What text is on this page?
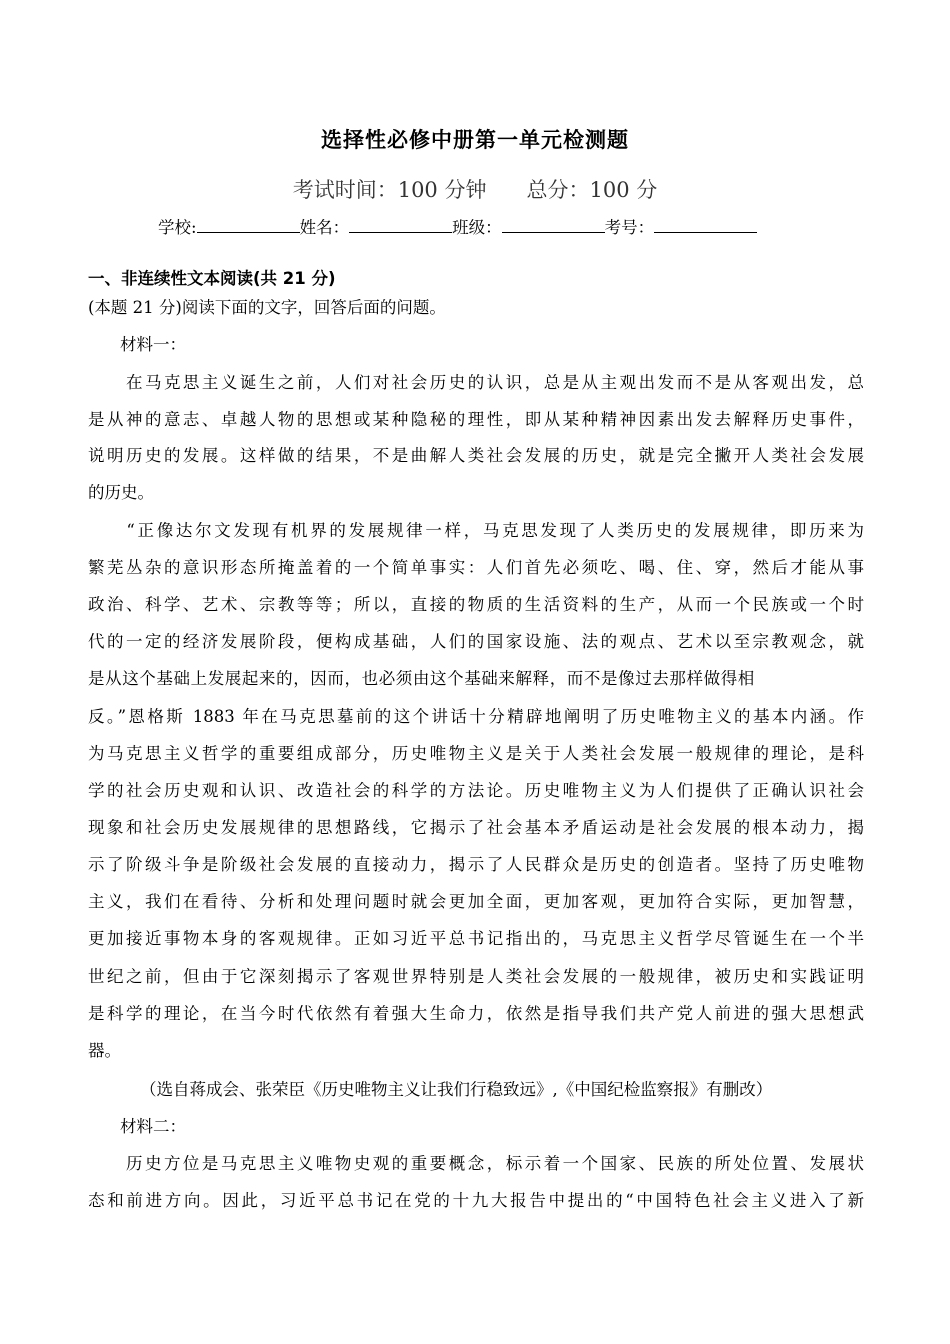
选择性必修中册第一单元检测题
考试时间：100 分钟      总分：100 分
学校:	姓名：	班级：	考号：
一、非连续性文本阅读(共 21 分)
(本题 21 分)阅读下面的文字，回答后面的问题。
材料一：
　　在马克思主义诞生之前，人们对社会历史的认识，总是从主观出发而不是从客观出发，总
是从神的意志、卓越人物的思想或某种隐秘的理性，即从某种精神因素出发去解释历史事件，
说明历史的发展。这样做的结果，不是曲解人类社会发展的历史，就是完全撇开人类社会发展
的历史。
　　“正像达尔文发现有机界的发展规律一样，马克思发现了人类历史的发展规律，即历来为
繁芜丛杂的意识形态所掩盖着的一个简单事实：人们首先必须吃、喝、住、穿，然后才能从事
政治、科学、艺术、宗教等等；所以，直接的物质的生活资料的生产，从而一个民族或一个时
代的一定的经济发展阶段，便构成基础，人们的国家设施、法的观点、艺术以至宗教观念，就
是从这个基础上发展起来的，因而，也必须由这个基础来解释，而不是像过去那样做得相
反。”恩格斯 1883 年在马克思墓前的这个讲话十分精辟地阐明了历史唯物主义的基本内涵。作
为马克思主义哲学的重要组成部分，历史唯物主义是关于人类社会发展一般规律的理论，是科
学的社会历史观和认识、改造社会的科学的方法论。历史唯物主义为人们提供了正确认识社会
现象和社会历史发展规律的思想路线，它揭示了社会基本矛盾运动是社会发展的根本动力，揭
示了阶级斗争是阶级社会发展的直接动力，揭示了人民群众是历史的创造者。坚持了历史唯物
主义，我们在看待、分析和处理问题时就会更加全面，更加客观，更加符合实际，更加智慧，
更加接近事物本身的客观规律。正如习近平总书记指出的，马克思主义哲学尽管诞生在一个半
世纪之前，但由于它深刻揭示了客观世界特别是人类社会发展的一般规律，被历史和实践证明
是科学的理论，在当今时代依然有着强大生命力，依然是指导我们共产党人前进的强大思想武
器。
（选自蒋成会、张荣臣《历史唯物主义让我们行稳致远》,《中国纪检监察报》有删改）
材料二：
　　历史方位是马克思主义唯物史观的重要概念，标示着一个国家、民族的所处位置、发展状
态和前进方向。因此，习近平总书记在党的十九大报告中提出的“中国特色社会主义进入了新
